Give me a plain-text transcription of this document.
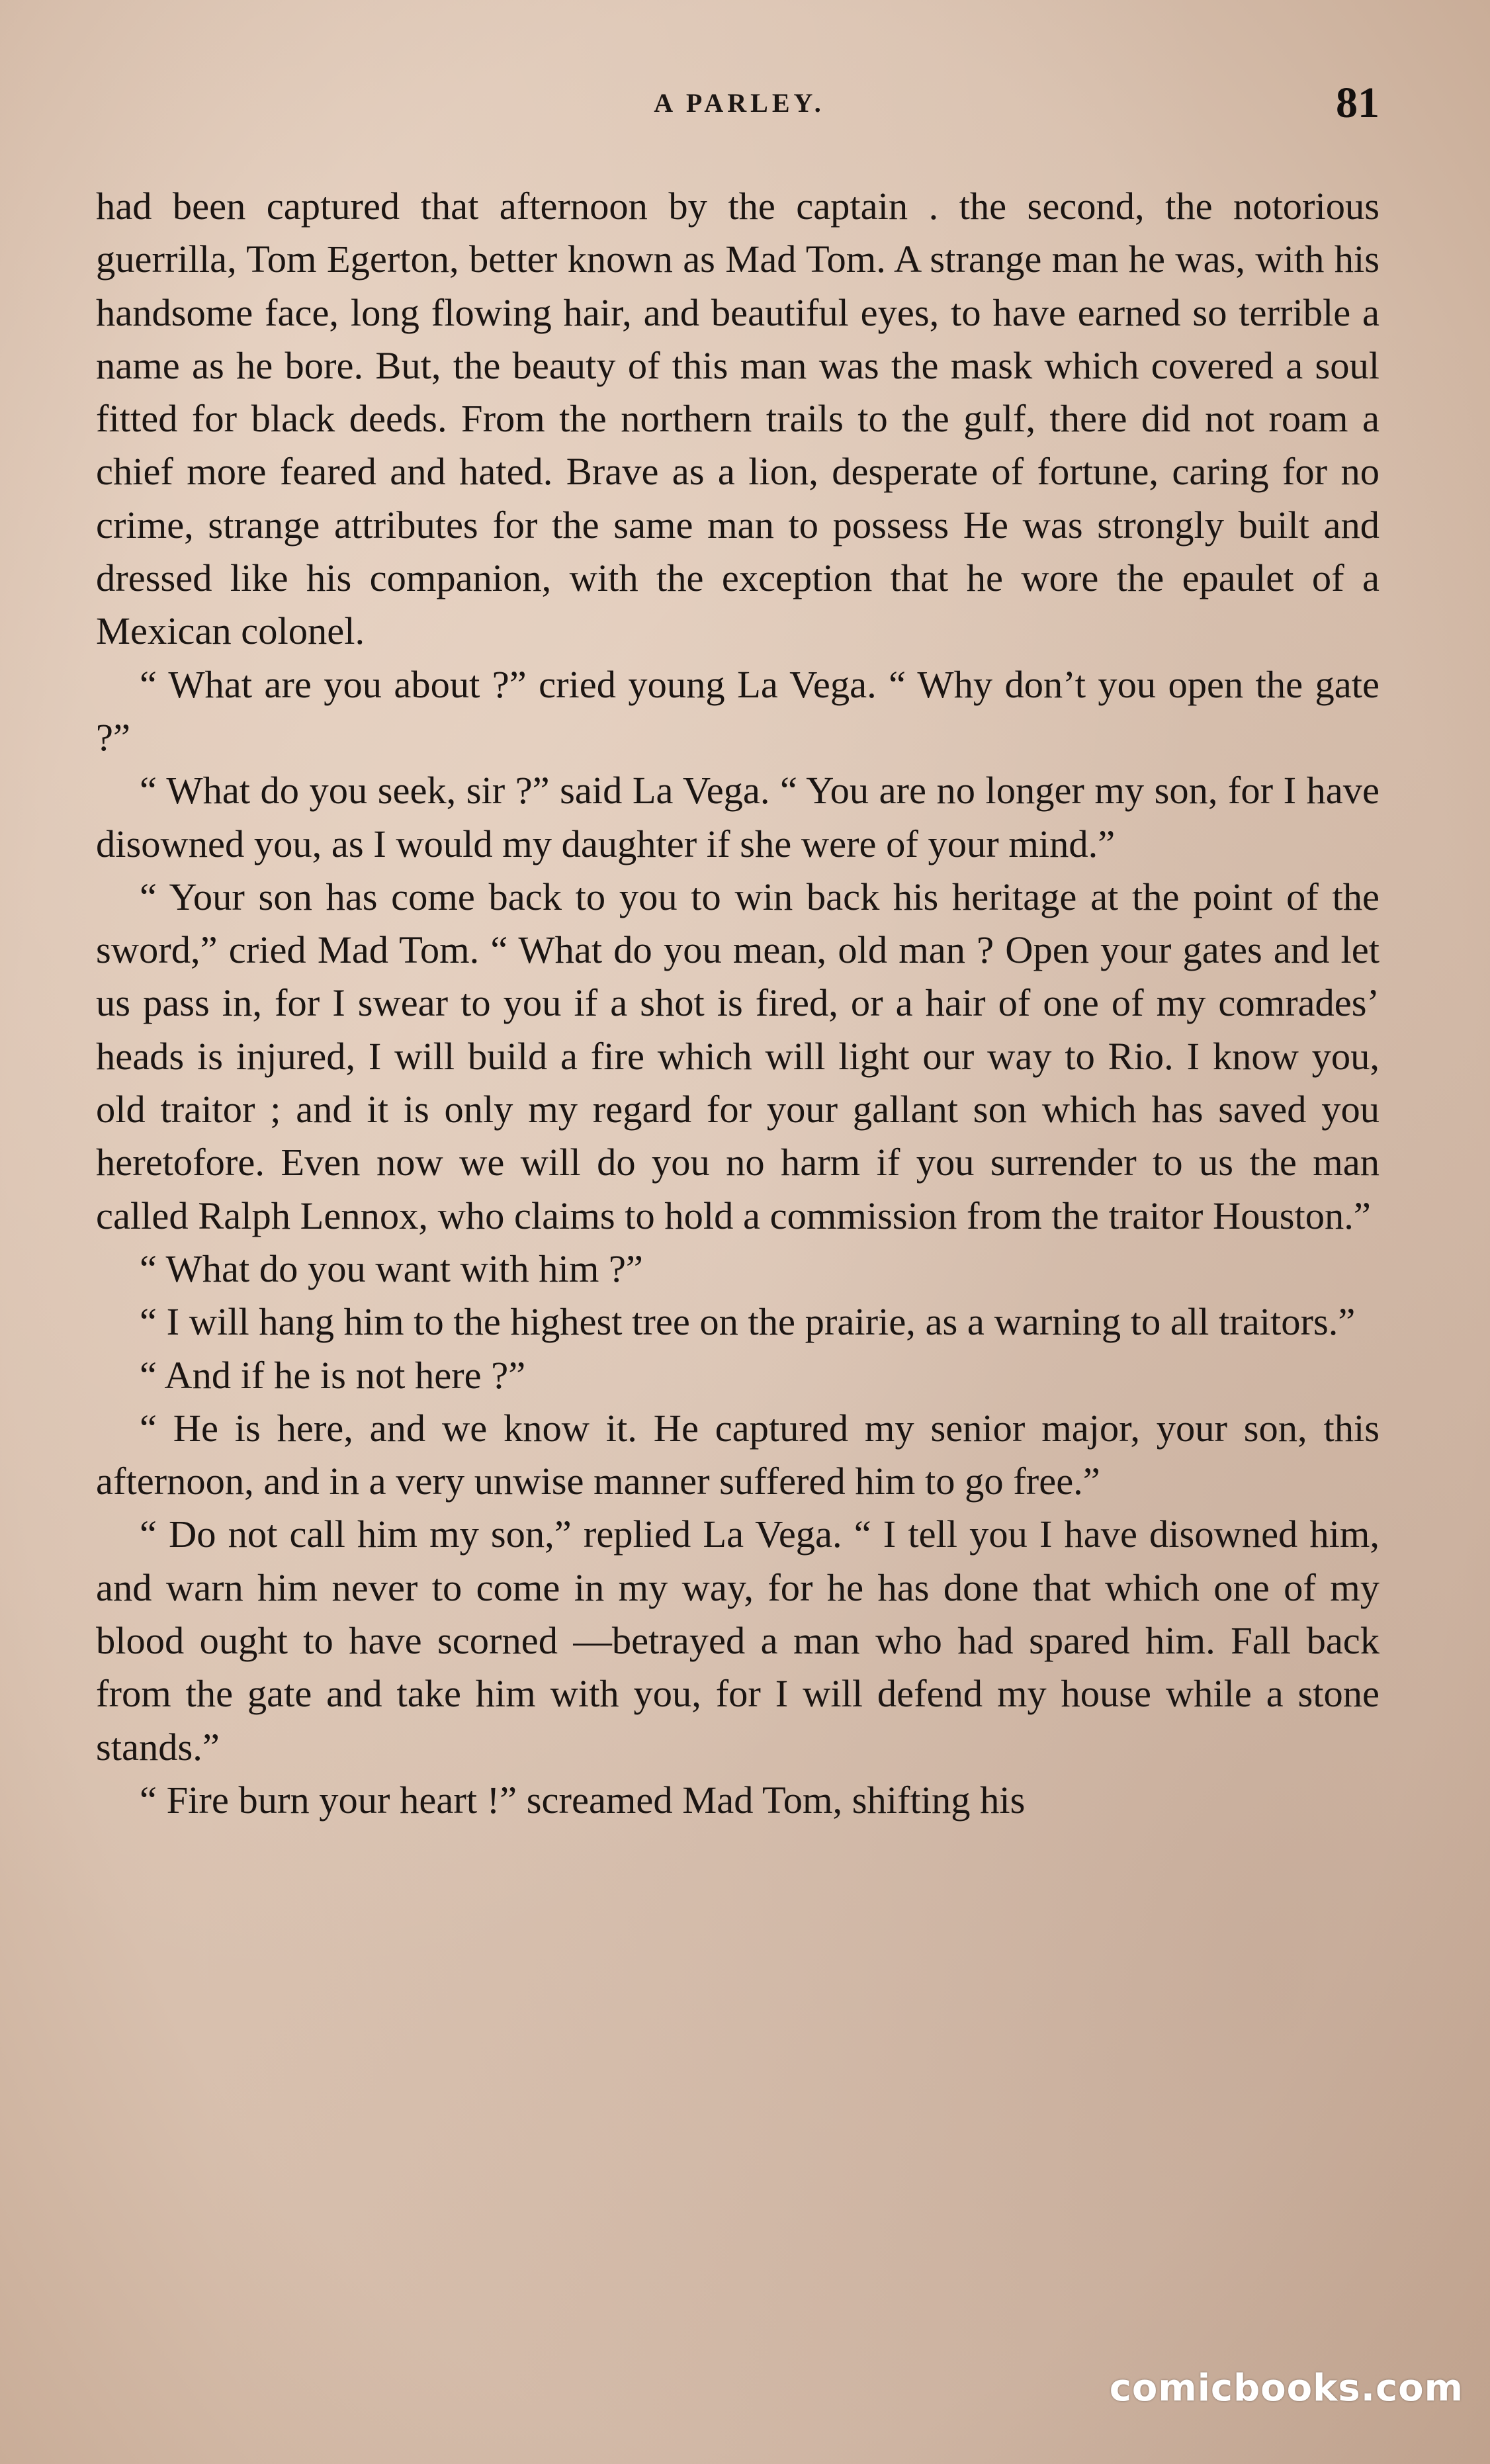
A PARLEY.	81

had been captured that afternoon by the captain . the second, the notorious guerrilla, Tom Egerton, better known as Mad Tom. A strange man he was, with his handsome face, long flowing hair, and beautiful eyes, to have earned so terrible a name as he bore. But, the beauty of this man was the mask which covered a soul fitted for black deeds. From the northern trails to the gulf, there did not roam a chief more feared and hated. Brave as a lion, desperate of fortune, caring for no crime, strange attributes for the same man to possess He was strongly built and dressed like his companion, with the exception that he wore the epaulet of a Mexican colonel.

“ What are you about ?” cried young La Vega. “ Why don’t you open the gate ?”

“ What do you seek, sir ?” said La Vega. “ You are no longer my son, for I have disowned you, as I would my daughter if she were of your mind.”

“ Your son has come back to you to win back his heritage at the point of the sword,” cried Mad Tom. “ What do you mean, old man ? Open your gates and let us pass in, for I swear to you if a shot is fired, or a hair of one of my comrades’ heads is injured, I will build a fire which will light our way to Rio. I know you, old traitor ; and it is only my regard for your gallant son which has saved you heretofore. Even now we will do you no harm if you surrender to us the man called Ralph Lennox, who claims to hold a commission from the traitor Houston.”

“ What do you want with him ?”

“ I will hang him to the highest tree on the prairie, as a warning to all traitors.”

“ And if he is not here ?”

“ He is here, and we know it. He captured my senior major, your son, this afternoon, and in a very unwise manner suffered him to go free.”

“ Do not call him my son,” replied La Vega. “ I tell you I have disowned him, and warn him never to come in my way, for he has done that which one of my blood ought to have scorned —betrayed a man who had spared him. Fall back from the gate and take him with you, for I will defend my house while a stone stands.”

“ Fire burn your heart !” screamed Mad Tom, shifting his

comicbooks.com
